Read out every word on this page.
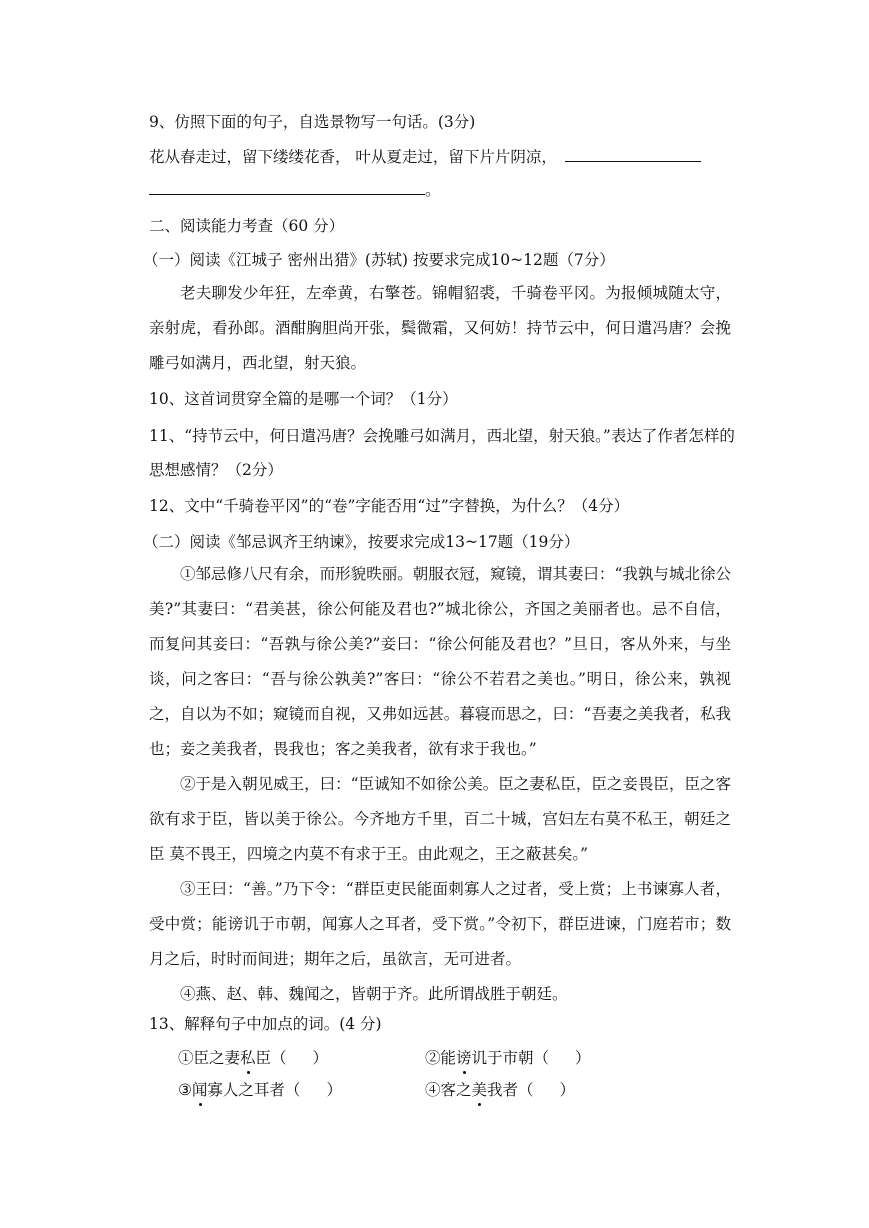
9、仿照下面的句子，自选景物写一句话。(3分)
花从春走过，留下缕缕花香， 叶从夏走过，留下片片阴凉，
。
二、阅读能力考查（60 分）
（一）阅读《江城子 密州出猎》(苏轼) 按要求完成10~12题（7分）

老夫聊发少年狂，左牵黄，右擎苍。锦帽貂裘，千骑卷平冈。为报倾城随太守，亲射虎，看孙郎。酒酣胸胆尚开张，鬓微霜，又何妨！持节云中，何日遣冯唐？会挽雕弓如满月，西北望，射天狼。

10、这首词贯穿全篇的是哪一个词？（1分）
11、“持节云中，何日遣冯唐？会挽雕弓如满月，西北望，射天狼。”表达了作者怎样的
思想感情？（2分）
12、文中“千骑卷平冈”的“卷”字能否用“过”字替换，为什么？（4分）
（二）阅读《邹忌讽齐王纳谏》，按要求完成13~17题（19分）

①邹忌修八尺有余，而形貌昳丽。朝服衣冠，窥镜，谓其妻曰：“我孰与城北徐公 美?”其妻曰：“君美甚，徐公何能及君也?”城北徐公，齐国之美丽者也。忌不自信， 而复问其妾曰：“吾孰与徐公美?”妾曰：“徐公何能及君也？”旦日，客从外来，与坐 谈，问之客曰：“吾与徐公孰美?”客曰：“徐公不若君之美也。”明日，徐公来，孰视 之，自以为不如；窥镜而自视，又弗如远甚。暮寝而思之，曰：“吾妻之美我者，私我 也；妾之美我者，畏我也；客之美我者，欲有求于我也。”

②于是入朝见威王，曰：“臣诚知不如徐公美。臣之妻私臣，臣之妾畏臣，臣之客 欲有求于臣，皆以美于徐公。今齐地方千里，百二十城，宫妇左右莫不私王，朝廷之臣 莫不畏王，四境之内莫不有求于王。由此观之，王之蔽甚矣。”

③王曰：“善。”乃下令：“群臣吏民能面刺寡人之过者，受上赏；上书谏寡人者，受中赏；能谤讥于市朝，闻寡人之耳者，受下赏。”令初下，群臣进谏，门庭若市；数 月之后，时时而间进；期年之后，虽欲言，无可进者。

④燕、赵、韩、魏闻之，皆朝于齐。此所谓战胜于朝廷。

13、解释句子中加点的词。(4 分)
①臣之妻私臣（ ）	②能谤讥于市朝（ ）
③闻寡人之耳者（ ）	④客之美我者（ ）
